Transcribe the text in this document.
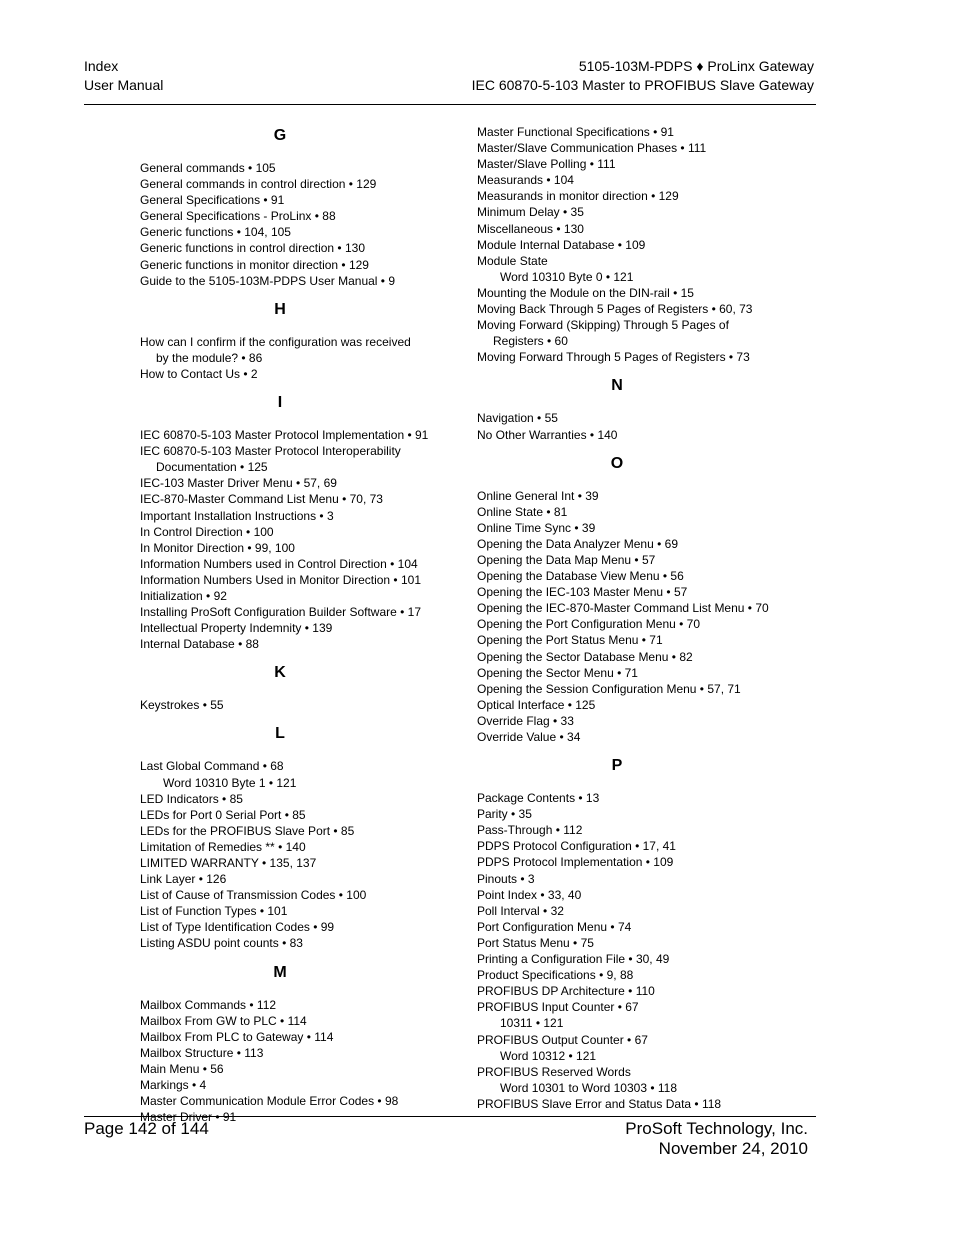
Index
User Manual
5105-103M-PDPS ♦ ProLinx Gateway
IEC 60870-5-103 Master to PROFIBUS Slave Gateway
G
General commands • 105
General commands in control direction • 129
General Specifications • 91
General Specifications - ProLinx • 88
Generic functions • 104, 105
Generic functions in control direction • 130
Generic functions in monitor direction • 129
Guide to the 5105-103M-PDPS User Manual • 9
H
How can I confirm if the configuration was received by the module? • 86
How to Contact Us • 2
I
IEC 60870-5-103 Master Protocol Implementation • 91
IEC 60870-5-103 Master Protocol Interoperability Documentation • 125
IEC-103 Master Driver Menu • 57, 69
IEC-870-Master Command List Menu • 70, 73
Important Installation Instructions • 3
In Control Direction • 100
In Monitor Direction • 99, 100
Information Numbers used in Control Direction • 104
Information Numbers Used in Monitor Direction • 101
Initialization • 92
Installing ProSoft Configuration Builder Software • 17
Intellectual Property Indemnity • 139
Internal Database • 88
K
Keystrokes • 55
L
Last Global Command • 68
Word 10310 Byte 1 • 121
LED Indicators • 85
LEDs for Port 0 Serial Port • 85
LEDs for the PROFIBUS Slave Port • 85
Limitation of Remedies ** • 140
LIMITED WARRANTY • 135, 137
Link Layer • 126
List of Cause of Transmission Codes • 100
List of Function Types • 101
List of Type Identification Codes • 99
Listing ASDU point counts • 83
M
Mailbox Commands • 112
Mailbox From GW to PLC • 114
Mailbox From PLC to Gateway • 114
Mailbox Structure • 113
Main Menu • 56
Markings • 4
Master Communication Module Error Codes • 98
Master Driver • 91
Master Functional Specifications • 91
Master/Slave Communication Phases • 111
Master/Slave Polling • 111
Measurands • 104
Measurands in monitor direction • 129
Minimum Delay • 35
Miscellaneous • 130
Module Internal Database • 109
Module State
Word 10310 Byte 0 • 121
Mounting the Module on the DIN-rail • 15
Moving Back Through 5 Pages of Registers • 60, 73
Moving Forward (Skipping) Through 5 Pages of Registers • 60
Moving Forward Through 5 Pages of Registers • 73
N
Navigation • 55
No Other Warranties • 140
O
Online General Int • 39
Online State • 81
Online Time Sync • 39
Opening the Data Analyzer Menu • 69
Opening the Data Map Menu • 57
Opening the Database View Menu • 56
Opening the IEC-103 Master Menu • 57
Opening the IEC-870-Master Command List Menu • 70
Opening the Port Configuration Menu • 70
Opening the Port Status Menu • 71
Opening the Sector Database Menu • 82
Opening the Sector Menu • 71
Opening the Session Configuration Menu • 57, 71
Optical Interface • 125
Override Flag • 33
Override Value • 34
P
Package Contents • 13
Parity • 35
Pass-Through • 112
PDPS Protocol Configuration • 17, 41
PDPS Protocol Implementation • 109
Pinouts • 3
Point Index • 33, 40
Poll Interval • 32
Port Configuration Menu • 74
Port Status Menu • 75
Printing a Configuration File • 30, 49
Product Specifications • 9, 88
PROFIBUS DP Architecture • 110
PROFIBUS Input Counter • 67
10311 • 121
PROFIBUS Output Counter • 67
Word 10312 • 121
PROFIBUS Reserved Words
Word 10301 to Word 10303 • 118
PROFIBUS Slave Error and Status Data • 118
Page 142 of 144	ProSoft Technology, Inc.
November 24, 2010
